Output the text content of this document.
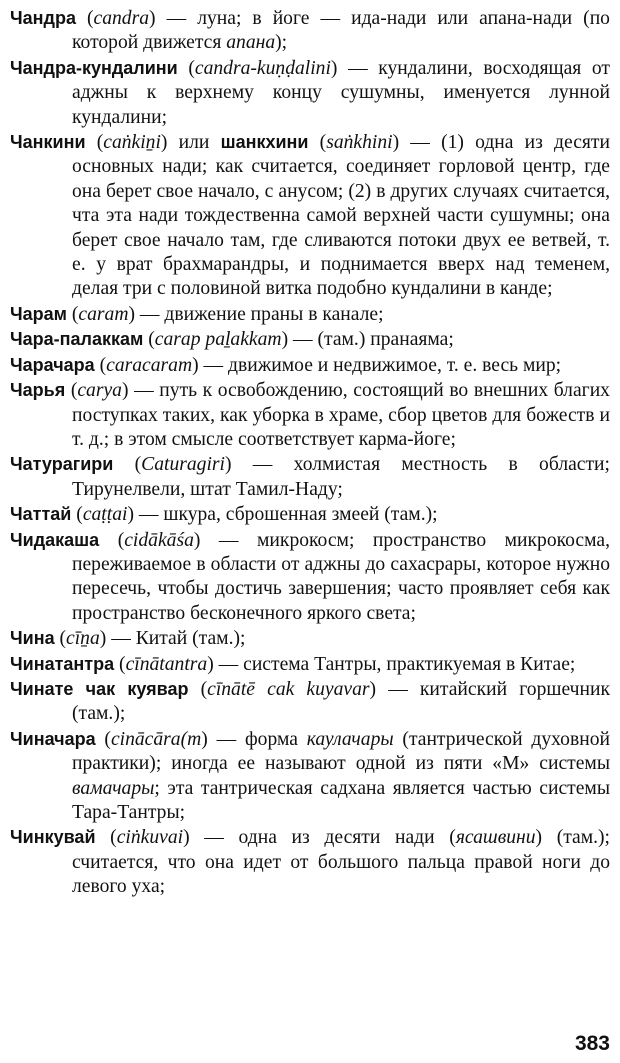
Чандра (candra) — луна; в йоге — ида-нади или апана-нади (по которой движется апана);
Чандра-кундалини (candra-kuṇḍalini) — кундалини, восходящая от аджны к верхнему концу сушумны, именуется лунной кундалини;
Чанкини (caṅkiṉi) или шанкхини (saṅkhini) — (1) одна из десяти основных нади; как считается, соединяет горловой центр, где она берет свое начало, с анусом; (2) в других случаях считается, чта эта нади тождественна самой верхней части сушумны; она берет свое начало там, где сливаются потоки двух ее ветвей, т. е. у врат брахмарандры, и поднимается вверх над теменем, делая три с половиной витка подобно кундалини в канде;
Чарам (caram) — движение праны в канале;
Чара-палаккам (carap paḻakkam) — (там.) пранаяма;
Чарачара (caracaram) — движимое и недвижимое, т. е. весь мир;
Чарья (carya) — путь к освобождению, состоящий во внешних благих поступках таких, как уборка в храме, сбор цветов для божеств и т. д.; в этом смысле соответствует карма-йоге;
Чатурагири (Caturagiri) — холмистая местность в области; Тирунелвели, штат Тамил-Наду;
Чаттай (caṭṭai) — шкура, сброшенная змеей (там.);
Чидакаша (cidākāśa) — микрокосм; пространство микрокосма, переживаемое в области от аджны до сахасрары, которое нужно пересечь, чтобы достичь завершения; часто проявляет себя как пространство бесконечного яркого света;
Чина (cīṉa) — Китай (там.);
Чинатантра (cīnātantra) — система Тантры, практикуемая в Китае;
Чинате чак куявар (cīnātē cak kuyavar) — китайский горшечник (там.);
Чиначара (cināсāra(m) — форма каулачары (тантрической духовной практики); иногда ее называют одной из пяти «М» системы вамачары; эта тантрическая садхана является частью системы Тара-Тантры;
Чинкувай (ciṅkuvai) — одна из десяти нади (ясашвини) (там.); считается, что она идет от большого пальца правой ноги до левого уха;
383
